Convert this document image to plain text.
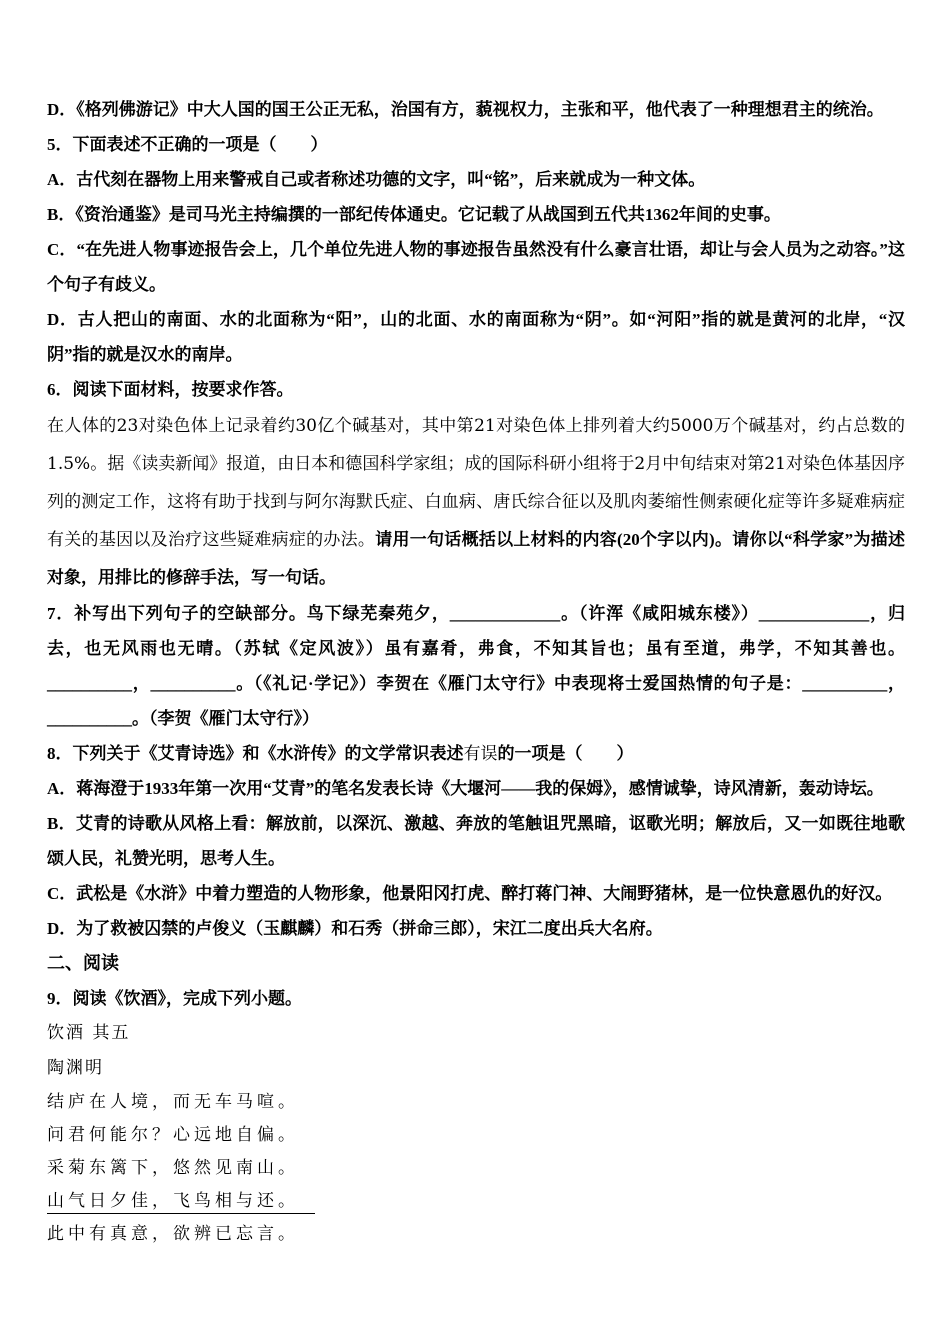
D．《格列佛游记》中大人国的国王公正无私，治国有方，藐视权力，主张和平，他代表了一种理想君主的统治。

5．下面表述不正确的一项是（　　）

A．古代刻在器物上用来警戒自己或者称述功德的文字，叫“铭”，后来就成为一种文体。

B．《资治通鉴》是司马光主持编撰的一部纪传体通史。它记载了从战国到五代共1362年间的史事。

C．“在先进人物事迹报告会上，几个单位先进人物的事迹报告虽然没有什么豪言壮语，却让与会人员为之动容。”这个句子有歧义。

D．古人把山的南面、水的北面称为“阳”，山的北面、水的南面称为“阴”。如“河阳”指的就是黄河的北岸，“汉阴”指的就是汉水的南岸。

6．阅读下面材料，按要求作答。

在人体的23对染色体上记录着约30亿个碱基对，其中第21对染色体上排列着大约5000万个碱基对，约占总数的1.5%。据《读卖新闻》报道，由日本和德国科学家组；成的国际科研小组将于2月中旬结束对第21对染色体基因序列的测定工作，这将有助于找到与阿尔海默氏症、白血病、唐氏综合征以及肌肉萎缩性侧索硬化症等许多疑难病症有关的基因以及治疗这些疑难病症的办法。请用一句话概括以上材料的内容(20个字以内)。请你以“科学家”为描述对象，用排比的修辞手法，写一句话。

7．补写出下列句子的空缺部分。鸟下绿芜秦苑夕，_____________。（许浑《咸阳城东楼》）_____________，归去，也无风雨也无晴。（苏轼《定风波》）虽有嘉肴，弗食，不知其旨也；虽有至道，弗学，不知其善也。__________，__________。（《礼记·学记》）李贺在《雁门太守行》中表现将士爱国热情的句子是：__________，__________。（李贺《雁门太守行》）

8．下列关于《艾青诗选》和《水浒传》的文学常识表述有误的一项是（　　）

A．蒋海澄于1933年第一次用“艾青”的笔名发表长诗《大堰河——我的保姆》，感情诚挚，诗风清新，轰动诗坛。

B．艾青的诗歌从风格上看：解放前，以深沉、激越、奔放的笔触诅咒黑暗，讴歌光明；解放后，又一如既往地歌颂人民，礼赞光明，思考人生。

C．武松是《水浒》中着力塑造的人物形象，他景阳冈打虎、醉打蒋门神、大闹野猪林，是一位快意恩仇的好汉。

D．为了救被囚禁的卢俊义（玉麒麟）和石秀（拼命三郎），宋江二度出兵大名府。

二、阅读

9．阅读《饮酒》，完成下列小题。

饮酒 其五

陶渊明

结庐在人境，而无车马喧。

问君何能尔？心远地自偏。

采菊东篱下，悠然见南山。

山气日夕佳，飞鸟相与还。

此中有真意，欲辨已忘言。
